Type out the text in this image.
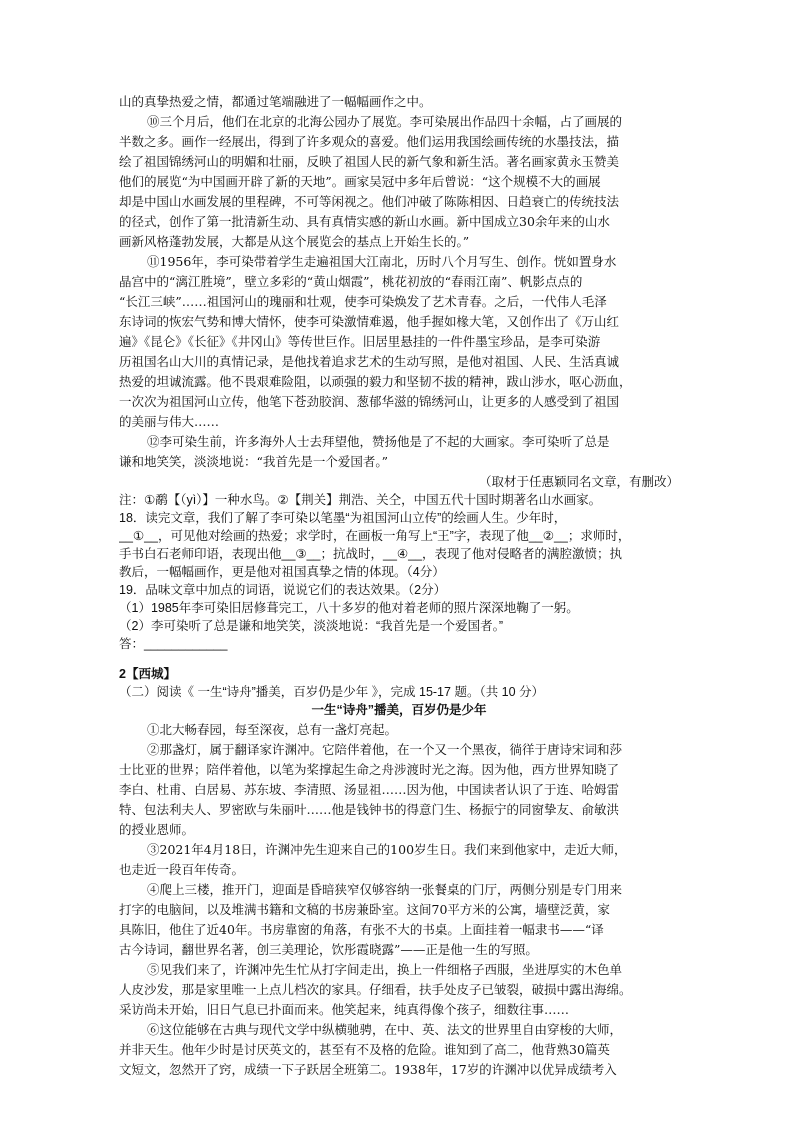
山的真挚热爱之情，都通过笔端融进了一幅幅画作之中。
⑩三个月后，他们在北京的北海公园办了展览。李可染展出作品四十余幅，占了画展的
半数之多。画作一经展出，得到了许多观众的喜爱。他们运用我国绘画传统的水墨技法，描
绘了祖国锦绣河山的明媚和壮丽，反映了祖国人民的新气象和新生活。著名画家黄永玉赞美
他们的展览“为中国画开辟了新的天地”。画家吴冠中多年后曾说：“这个规模不大的画展
却是中国山水画发展的里程碑，不可等闲视之。他们冲破了陈陈相因、日趋衰亡的传统技法
的径式，创作了第一批清新生动、具有真情实感的新山水画。新中国成立30余年来的山水
画新风格蓬勃发展，大都是从这个展览会的基点上开始生长的。”
⑪1956年，李可染带着学生走遍祖国大江南北，历时八个月写生、创作。恍如置身水
晶宫中的“漓江胜境”，壁立多彩的“黄山烟霞”，桃花初放的“春雨江南”、帆影点点的
“长江三峡”……祖国河山的瑰丽和壮观，使李可染焕发了艺术青春。之后，一代伟人毛泽
东诗词的恢宏气势和博大情怀，使李可染激情难遏，他手握如椽大笔，又创作出了《万山红
遍》《昆仑》《长征》《井冈山》等传世巨作。旧居里悬挂的一件件墨宝珍品，是李可染游
历祖国名山大川的真情记录，是他找着追求艺术的生动写照，是他对祖国、人民、生活真诚
热爱的坦诚流露。他不畏艰难险阻，以顽强的毅力和坚韧不拔的精神，跋山涉水，呕心沥血，
一次次为祖国河山立传，他笔下苍劲胶润、葱郁华滋的锦绣河山，让更多的人感受到了祖国
的美丽与伟大……
⑫李可染生前，许多海外人士去拜望他，赞扬他是了不起的大画家。李可染听了总是
谦和地笑笑，淡淡地说：“我首先是一个爱国者。”
（取材于任惠颖同名文章，有删改）
注：①鹬【（yì）】一种水鸟。②【荆关】荆浩、关仝，中国五代十国时期著名山水画家。
18．读完文章，我们了解了李可染以笔墨“为祖国河山立传”的绘画人生。少年时，
__①__，可见他对绘画的热爱；求学时，在画板一角写上“王”字，表现了他__②__；求师时，
手书白石老师印语，表现出他__③__；抗战时，__④__，表现了他对侵略者的满腔激愤；执
教后，一幅幅画作，更是他对祖国真挚之情的体现。（4分）
19．品味文章中加点的词语，说说它们的表达效果。（2分）
（1）1985年李可染旧居修葺完工，八十多岁的他对着老师的照片深深地鞠了一躬。
（2）李可染听了总是谦和地笑笑，淡淡地说：“我首先是一个爱国者。”
答：____________
2【西城】
（二）阅读《 一生“诗舟”播美，百岁仍是少年 》，完成 15-17 题。（共 10 分）
一生“诗舟”播美，百岁仍是少年
①北大畅春园，每至深夜，总有一盏灯亮起。
②那盏灯，属于翻译家许渊冲。它陪伴着他，在一个又一个黑夜，徜徉于唐诗宋词和莎
士比亚的世界；陪伴着他，以笔为桨撑起生命之舟涉渡时光之海。因为他，西方世界知晓了
李白、杜甫、白居易、苏东坡、李清照、汤显祖……因为他，中国读者认识了于连、哈姆雷
特、包法利夫人、罗密欧与朱丽叶……他是钱钟书的得意门生、杨振宁的同窗挚友、俞敏洪
的授业恩师。
③2021年4月18日，许渊冲先生迎来自己的100岁生日。我们来到他家中，走近大师，
也走近一段百年传奇。
④爬上三楼，推开门，迎面是昏暗狭窄仅够容纳一张餐桌的门厅，两侧分别是专门用来
打字的电脑间，以及堆满书籍和文稿的书房兼卧室。这间70平方米的公寓，墙壁泛黄，家
具陈旧，他住了近40年。书房靠窗的角落，有张不大的书桌。上面挂着一幅隶书——“译
古今诗词，翻世界名著，创三美理论，饮彤霞晓露”——正是他一生的写照。
⑤见我们来了，许渊冲先生忙从打字间走出，换上一件细格子西服，坐进厚实的木色单
人皮沙发，那是家里唯一上点儿档次的家具。仔细看，扶手处皮子已皱裂，破损中露出海绵。
采访尚未开始，旧日气息已扑面而来。他笑起来，纯真得像个孩子，细数往事……
⑥这位能够在古典与现代文学中纵横驰骋，在中、英、法文的世界里自由穿梭的大师，
并非天生。他年少时是讨厌英文的，甚至有不及格的危险。谁知到了高二，他背熟30篇英
文短文，忽然开了窍，成绩一下子跃居全班第二。1938年，17岁的许渊冲以优异成绩考入
